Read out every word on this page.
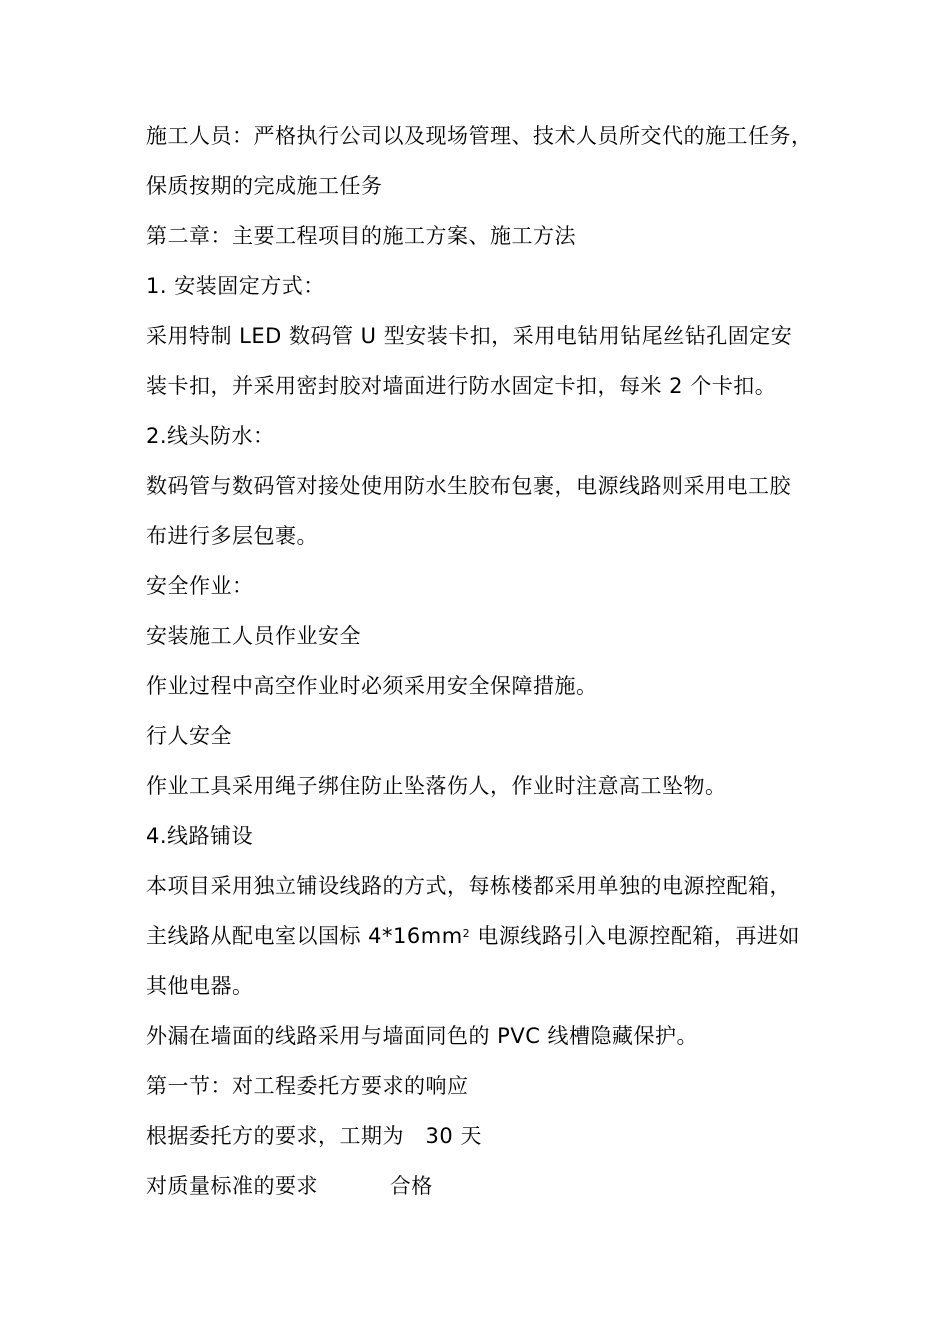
施工人员：严格执行公司以及现场管理、技术人员所交代的施工任务，
保质按期的完成施工任务
第二章：主要工程项目的施工方案、施工方法
1. 安装固定方式：
采用特制 LED 数码管 U 型安装卡扣，采用电钻用钻尾丝钻孔固定安
装卡扣，并采用密封胶对墙面进行防水固定卡扣，每米 2 个卡扣。
2.线头防水：
数码管与数码管对接处使用防水生胶布包裹，电源线路则采用电工胶
布进行多层包裹。
安全作业：
安装施工人员作业安全
作业过程中高空作业时必须采用安全保障措施。
行人安全
作业工具采用绳子绑住防止坠落伤人，作业时注意高工坠物。
4.线路铺设
本项目采用独立铺设线路的方式，每栋楼都采用单独的电源控配箱，
主线路从配电室以国标 $4*16mm^2$ 电源线路引入电源控配箱，再进如
其他电器。
外漏在墙面的线路采用与墙面同色的 PVC 线槽隐藏保护。
第一节：对工程委托方要求的响应
根据委托方的要求，工期为   30 天
对质量标准的要求          合格
